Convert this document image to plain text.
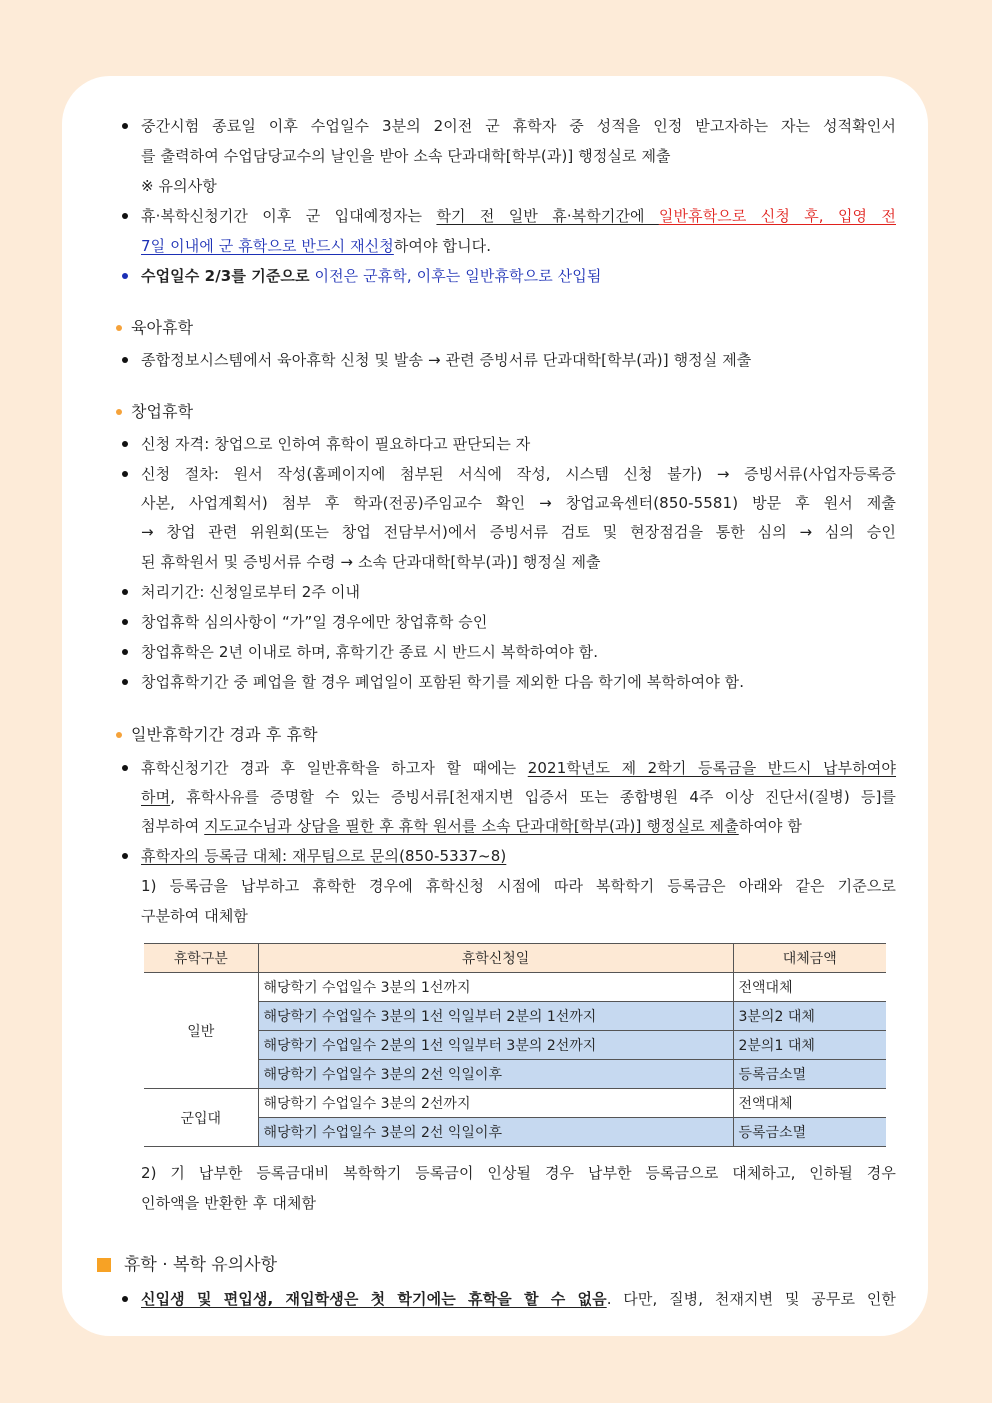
중간시험 종료일 이후 수업일수 3분의 2이전 군 휴학자 중 성적을 인정 받고자하는 자는 성적확인서
를 출력하여 수업담당교수의 날인을 받아 소속 단과대학[학부(과)] 행정실로 제출
※ 유의사항
휴·복학신청기간 이후 군 입대예정자는 학기 전 일반 휴·복학기간에 일반휴학으로 신청 후, 입영 전
7일 이내에 군 휴학으로 반드시 재신청하여야 합니다.
수업일수 2/3를 기준으로 이전은 군휴학, 이후는 일반휴학으로 산입됨
육아휴학
종합정보시스템에서 육아휴학 신청 및 발송 → 관련 증빙서류 단과대학[학부(과)] 행정실 제출
창업휴학
신청 자격: 창업으로 인하여 휴학이 필요하다고 판단되는 자
신청 절차: 원서 작성(홈페이지에 첨부된 서식에 작성, 시스템 신청 불가) → 증빙서류(사업자등록증
사본, 사업계획서) 첨부 후 학과(전공)주임교수 확인 → 창업교육센터(850-5581) 방문 후 원서 제출
→ 창업 관련 위원회(또는 창업 전담부서)에서 증빙서류 검토 및 현장점검을 통한 심의 → 심의 승인
된 휴학원서 및 증빙서류 수령 → 소속 단과대학[학부(과)] 행정실 제출
처리기간: 신청일로부터 2주 이내
창업휴학 심의사항이 “가”일 경우에만 창업휴학 승인
창업휴학은 2년 이내로 하며, 휴학기간 종료 시 반드시 복학하여야 함.
창업휴학기간 중 폐업을 할 경우 폐업일이 포함된 학기를 제외한 다음 학기에 복학하여야 함.
일반휴학기간 경과 후 휴학
휴학신청기간 경과 후 일반휴학을 하고자 할 때에는 2021학년도 제 2학기 등록금을 반드시 납부하여야
하며, 휴학사유를 증명할 수 있는 증빙서류[천재지변 입증서 또는 종합병원 4주 이상 진단서(질병) 등]를
첨부하여 지도교수님과 상담을 필한 후 휴학 원서를 소속 단과대학[학부(과)] 행정실로 제출하여야 함
휴학자의 등록금 대체: 재무팀으로 문의(850-5337~8)
1) 등록금을 납부하고 휴학한 경우에 휴학신청 시점에 따라 복학학기 등록금은 아래와 같은 기준으로
구분하여 대체함
휴학구분	휴학신청일	대체금액
일반	해당학기 수업일수 3분의 1선까지	전액대체
	해당학기 수업일수 3분의 1선 익일부터 2분의 1선까지	3분의2 대체
	해당학기 수업일수 2분의 1선 익일부터 3분의 2선까지	2분의1 대체
	해당학기 수업일수 3분의 2선 익일이후	등록금소멸
군입대	해당학기 수업일수 3분의 2선까지	전액대체
	해당학기 수업일수 3분의 2선 익일이후	등록금소멸
2) 기 납부한 등록금대비 복학학기 등록금이 인상될 경우 납부한 등록금으로 대체하고, 인하될 경우
인하액을 반환한 후 대체함
휴학 · 복학 유의사항
신입생 및 편입생, 재입학생은 첫 학기에는 휴학을 할 수 없음. 다만, 질병, 천재지변 및 공무로 인한
